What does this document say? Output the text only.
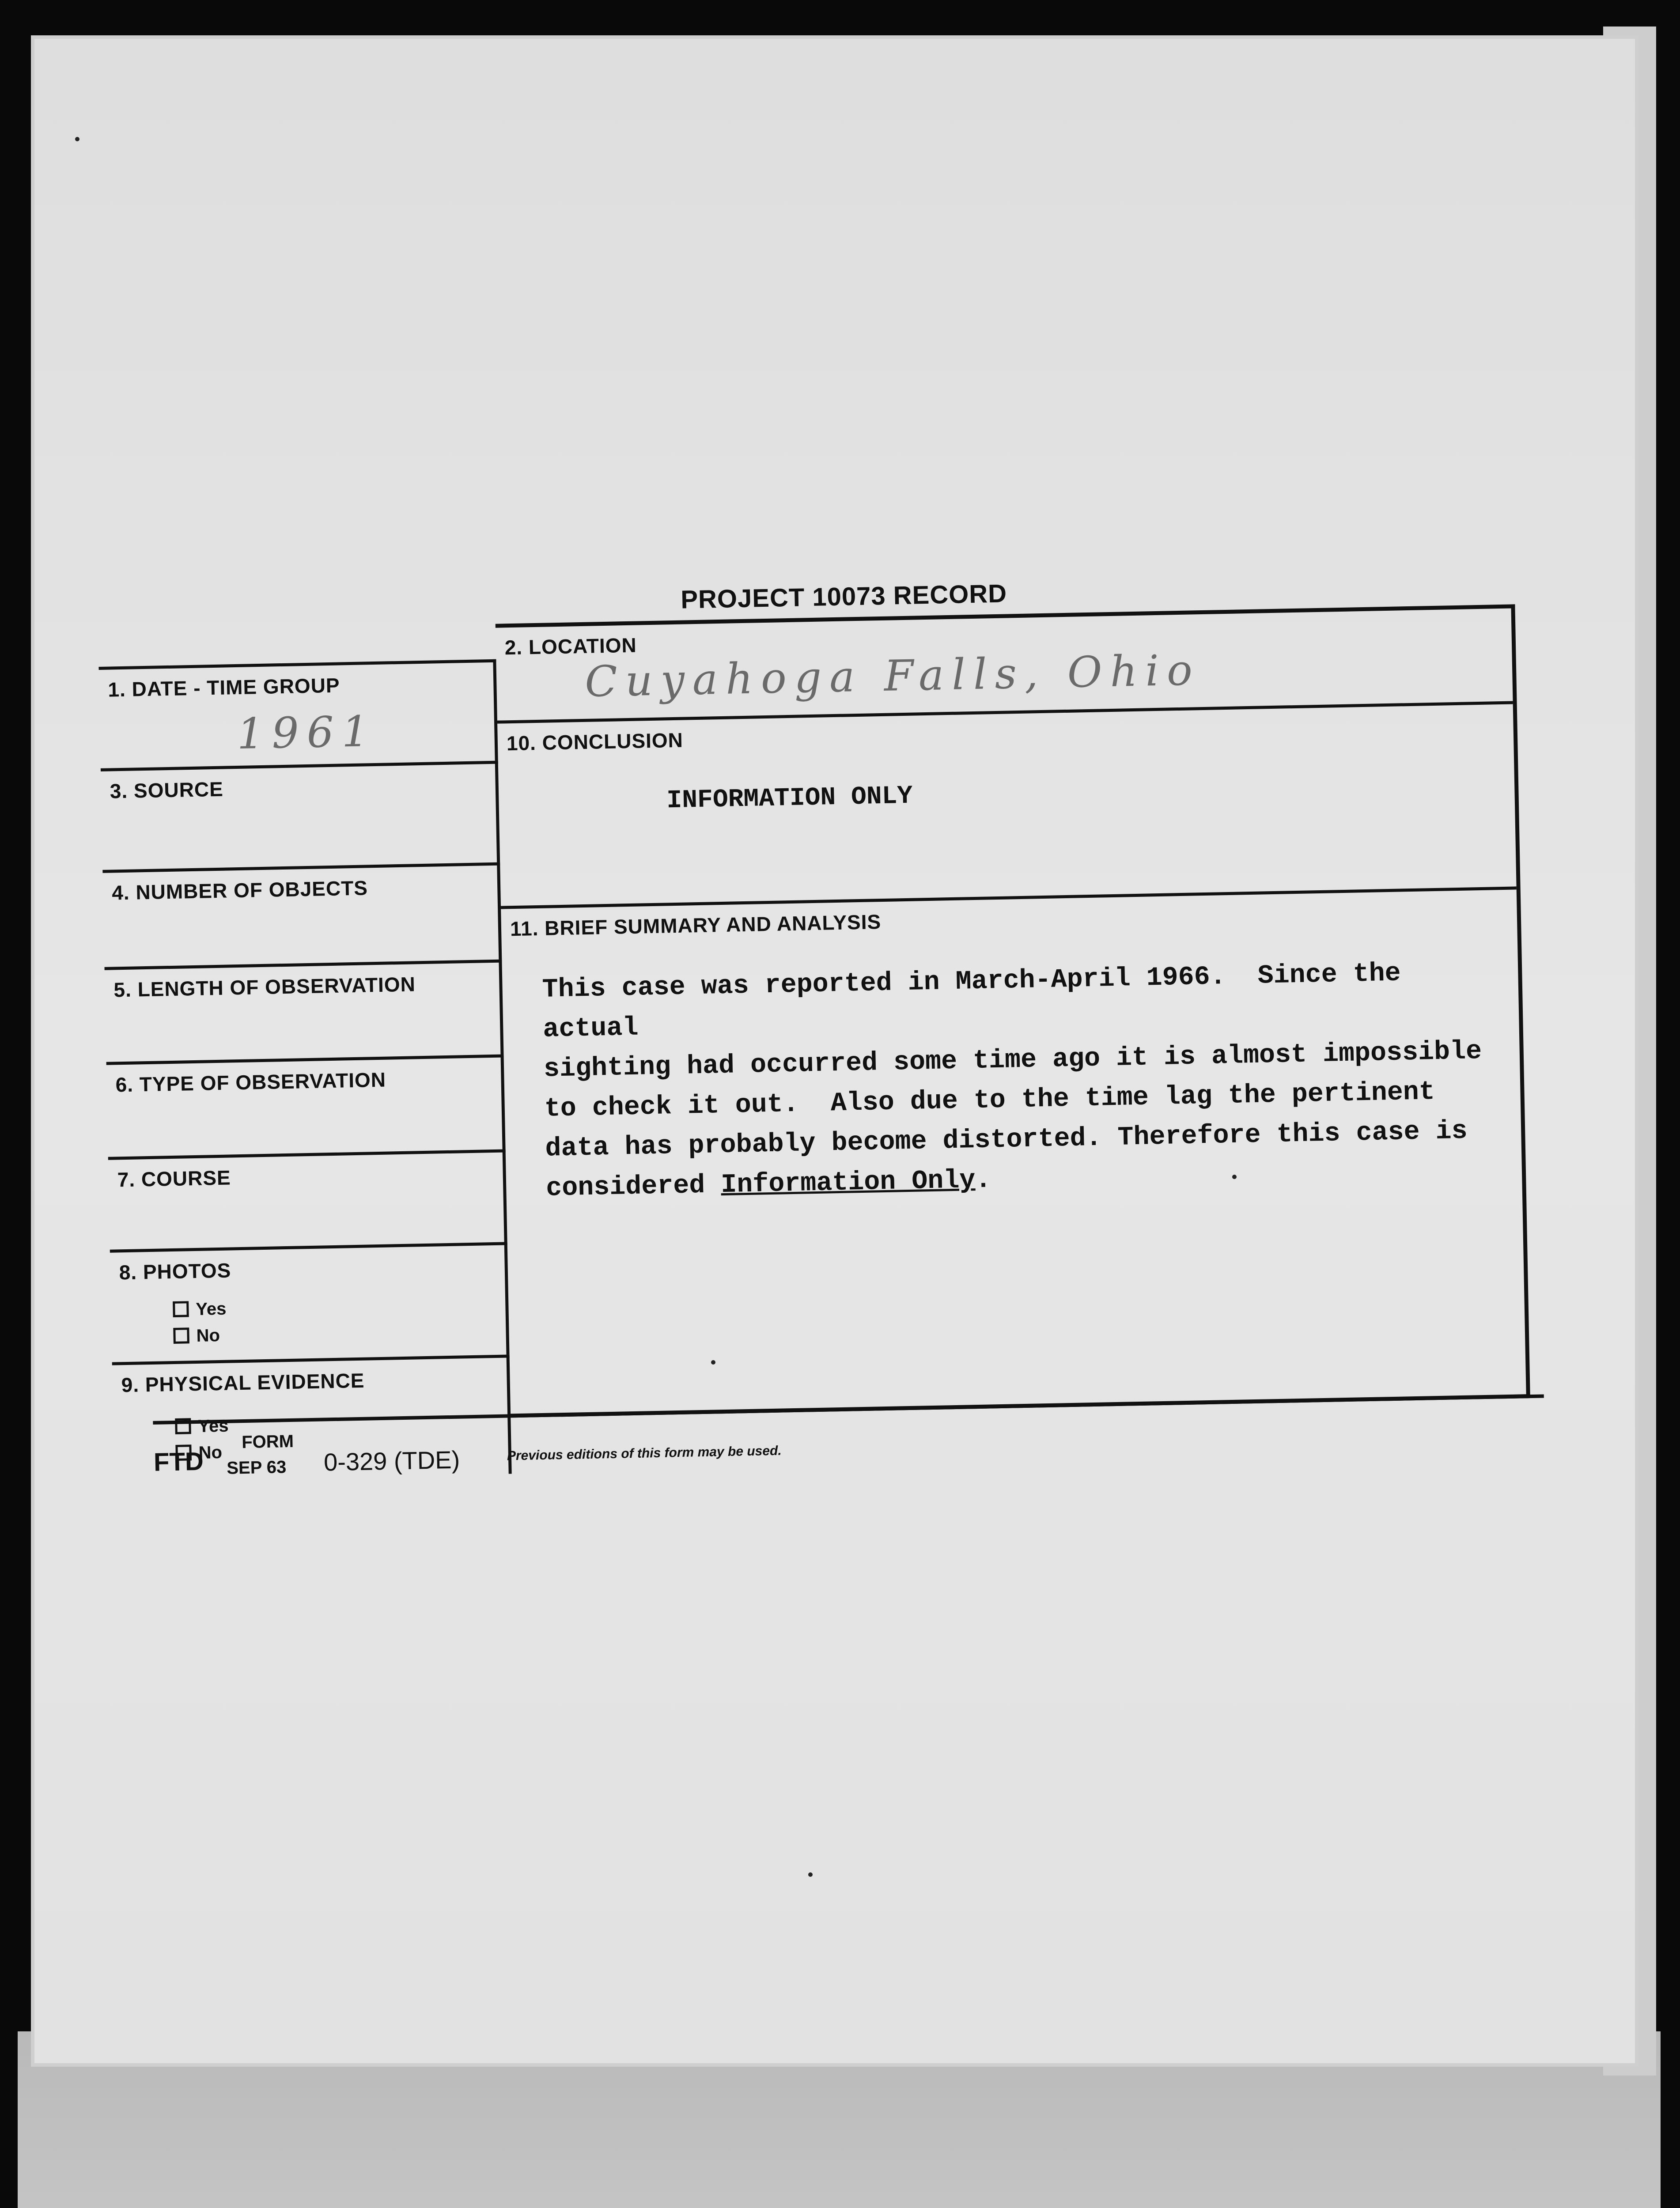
PROJECT 10073 RECORD
2. LOCATION
Cuyahoga Falls, Ohio
10. CONCLUSION
INFORMATION ONLY
11. BRIEF SUMMARY AND ANALYSIS
This case was reported in March-April 1966.  Since the actual
sighting had occurred some time ago it is almost impossible
to check it out.  Also due to the time lag the pertinent
data has probably become distorted. Therefore this case is
considered Information Only.
1. DATE - TIME GROUP
1961
3. SOURCE
4. NUMBER OF OBJECTS
5. LENGTH OF OBSERVATION
6. TYPE OF OBSERVATION
7. COURSE
8. PHOTOS
Yes
No
9. PHYSICAL EVIDENCE
Yes
No
FTD
FORM
SEP 63 0-329 (TDE)	Previous editions of this form may be used.
